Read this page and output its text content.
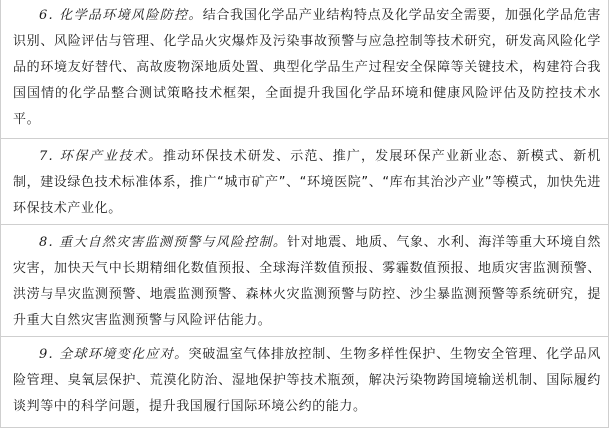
6. 化学品环境风险防控。结合我国化学品产业结构特点及化学品安全需要，加强化学品危害识别、风险评估与管理、化学品火灾爆炸及污染事故预警与应急控制等技术研究，研发高风险化学品的环境友好替代、高故废物深地质处置、典型化学品生产过程安全保障等关键技术，构建符合我国国情的化学品整合测试策略技术框架，全面提升我国化学品环境和健康风险评估及防控技术水平。

7. 环保产业技术。推动环保技术研发、示范、推广，发展环保产业新业态、新模式、新机制，建设绿色技术标准体系，推广“城市矿产”、“环境医院”、“库布其治沙产业”等模式，加快先进环保技术产业化。

8. 重大自然灾害监测预警与风险控制。针对地震、地质、气象、水利、海洋等重大环境自然灾害，加快天气中长期精细化数值预报、全球海洋数值预报、雾霾数值预报、地质灾害监测预警、洪涝与旱灾监测预警、地震监测预警、森林火灾监测预警与防控、沙尘暴监测预警等系统研究，提升重大自然灾害监测预警与风险评估能力。

9. 全球环境变化应对。突破温室气体排放控制、生物多样性保护、生物安全管理、化学品风险管理、臭氧层保护、荒漠化防治、湿地保护等技术瓶颈，解决污染物跨国境输送机制、国际履约谈判等中的科学问题，提升我国履行国际环境公约的能力。
